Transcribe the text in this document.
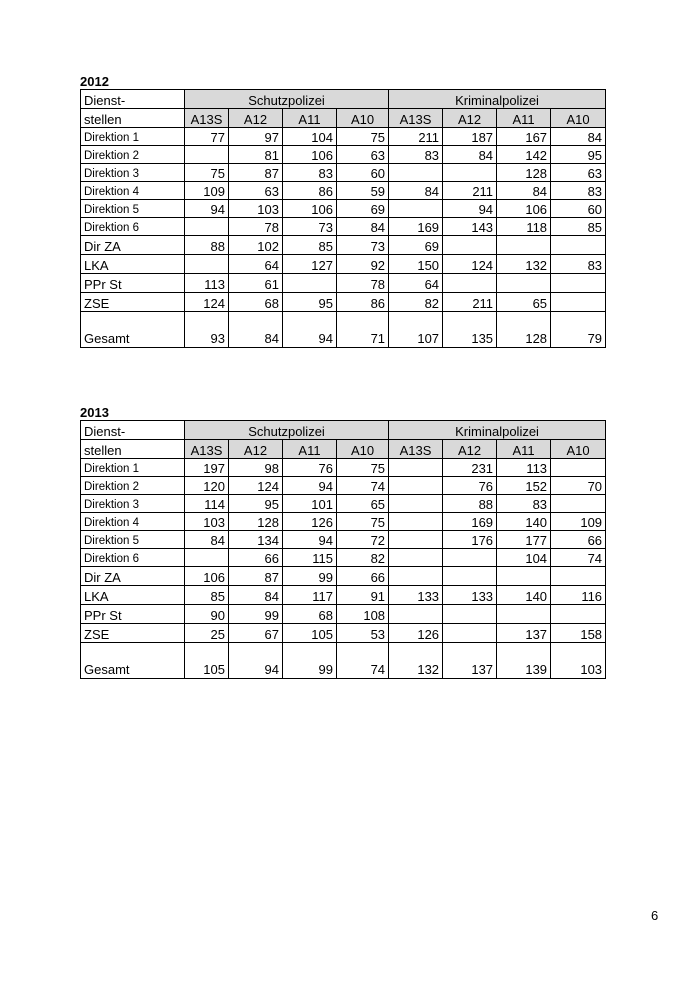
2012
Dienst-	Schutzpolizei				Kriminalpolizei			
stellen	A13S	A12	A11	A10	A13S	A12	A11	A10
Direktion 1	77	97	104	75	211	187	167	84
Direktion 2		81	106	63	83	84	142	95
Direktion 3	75	87	83	60			128	63
Direktion 4	109	63	86	59	84	211	84	83
Direktion 5	94	103	106	69		94	106	60
Direktion 6		78	73	84	169	143	118	85
Dir ZA	88	102	85	73	69			
LKA		64	127	92	150	124	132	83
PPr St	113	61		78	64			
ZSE	124	68	95	86	82	211	65	
Gesamt	93	84	94	71	107	135	128	79
2013
Dienst-	Schutzpolizei				Kriminalpolizei			
stellen	A13S	A12	A11	A10	A13S	A12	A11	A10
Direktion 1	197	98	76	75		231	113	
Direktion 2	120	124	94	74		76	152	70
Direktion 3	114	95	101	65		88	83	
Direktion 4	103	128	126	75		169	140	109
Direktion 5	84	134	94	72		176	177	66
Direktion 6		66	115	82			104	74
Dir ZA	106	87	99	66				
LKA	85	84	117	91	133	133	140	116
PPr St	90	99	68	108				
ZSE	25	67	105	53	126		137	158
Gesamt	105	94	99	74	132	137	139	103
6
